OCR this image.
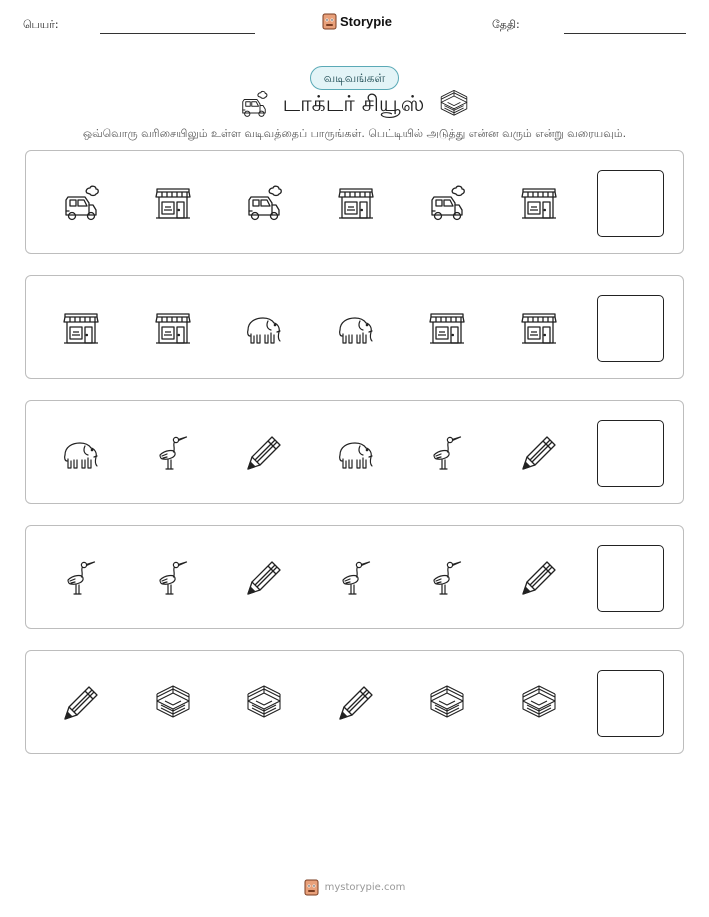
பெயர்:	Storypie	தேதி:
வடிவங்கள்
டாக்டர் சியூஸ்
ஒவ்வொரு வரிசையிலும் உள்ள வடிவத்தைப் பாருங்கள். பெட்டியில் அடுத்து என்ன வரும் என்று வரையவும்.
mystorypie.com
